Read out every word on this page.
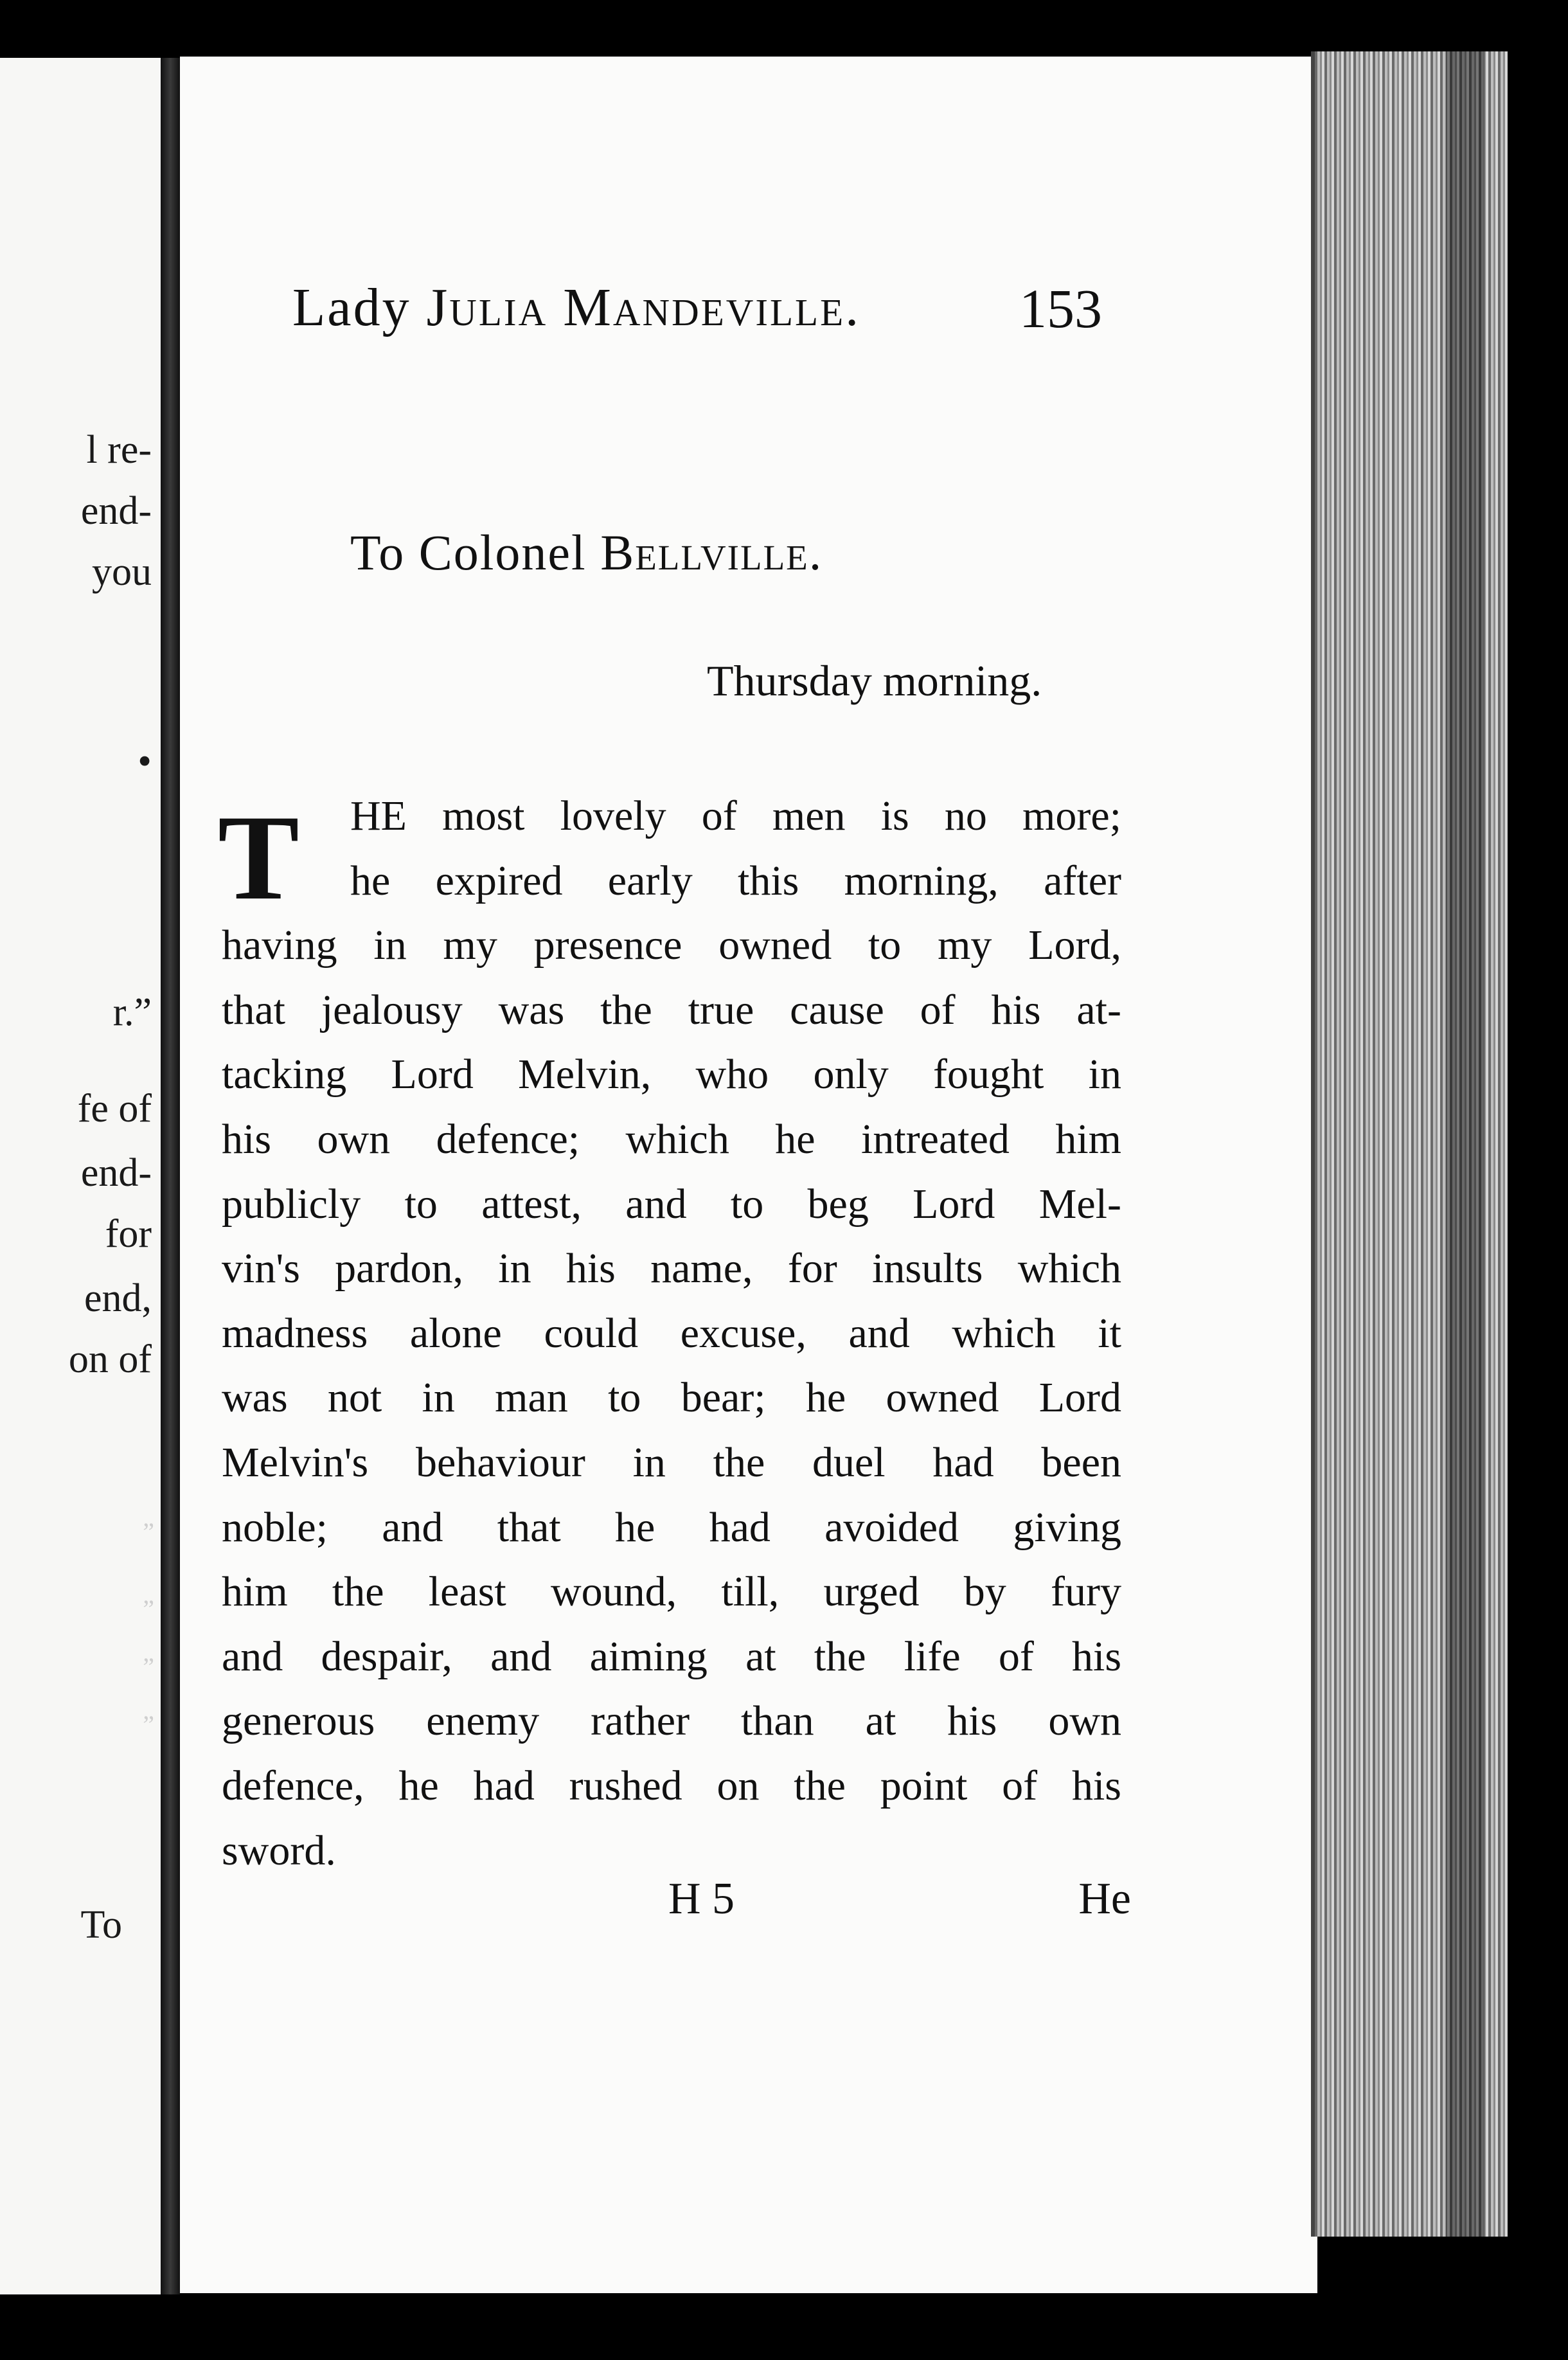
l re-
end-
you
•
r.”
fe of
end-
for
end,
on of
To
”
”
”
”
Lady Julia Mandeville.	153
To Colonel Bellville.
Thursday morning.
T	HE most lovely of men is no more;
he expired early this morning, after
having in my presence owned to my Lord,
that jealousy was the true cause of his at-
tacking Lord Melvin, who only fought in
his own defence; which he intreated him
publicly to attest, and to beg Lord Mel-
vin's pardon, in his name, for insults which
madness alone could excuse, and which it
was not in man to bear; he owned Lord
Melvin's behaviour in the duel had been
noble; and that he had avoided giving
him the least wound, till, urged by fury
and despair, and aiming at the life of his
generous enemy rather than at his own
defence, he had rushed on the point of his
sword.
H 5	He
